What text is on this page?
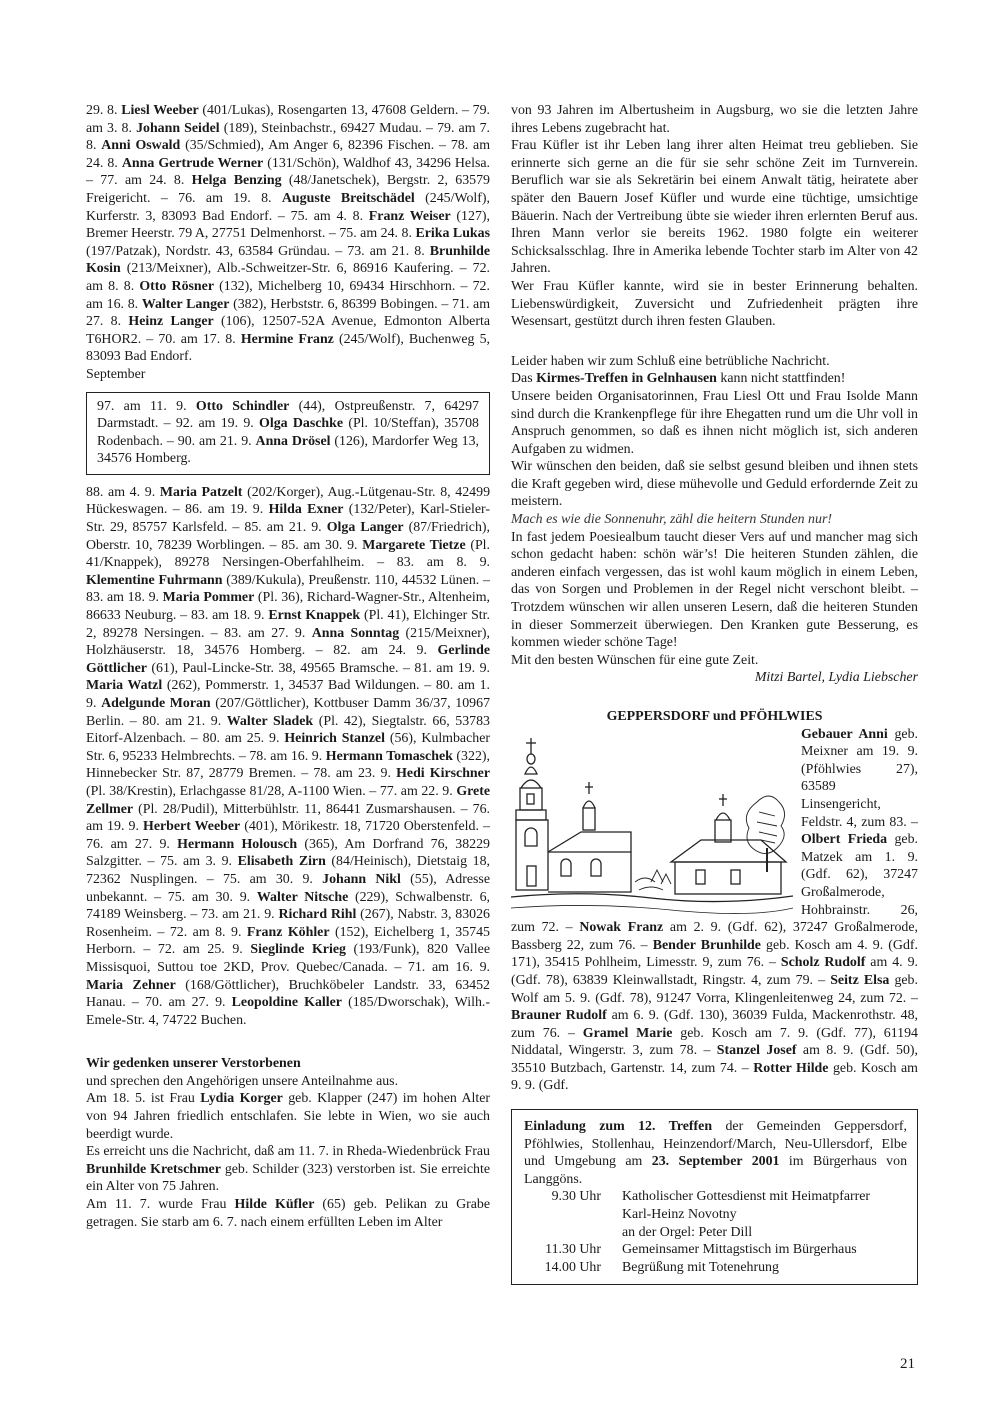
29. 8. Liesl Weeber (401/Lukas), Rosengarten 13, 47608 Geldern. – 79. am 3. 8. Johann Seidel (189), Steinbachstr., 69427 Mudau. – 79. am 7. 8. Anni Oswald (35/Schmied), Am Anger 6, 82396 Fischen. – 78. am 24. 8. Anna Gertrude Werner (131/Schön), Waldhof 43, 34296 Helsa. – 77. am 24. 8. Helga Benzing (48/Janetschek), Bergstr. 2, 63579 Freigericht. – 76. am 19. 8. Auguste Breitschädel (245/Wolf), Kurferstr. 3, 83093 Bad Endorf. – 75. am 4. 8. Franz Weiser (127), Bremer Heerstr. 79 A, 27751 Delmenhorst. – 75. am 24. 8. Erika Lukas (197/Patzak), Nordstr. 43, 63584 Gründau. – 73. am 21. 8. Brunhilde Kosin (213/Meixner), Alb.-Schweitzer-Str. 6, 86916 Kaufering. – 72. am 8. 8. Otto Rösner (132), Michelberg 10, 69434 Hirschhorn. – 72. am 16. 8. Walter Langer (382), Herbststr. 6, 86399 Bobingen. – 71. am 27. 8. Heinz Langer (106), 12507-52A Avenue, Edmonton Alberta T6HOR2. – 70. am 17. 8. Hermine Franz (245/Wolf), Buchenweg 5, 83093 Bad Endorf.

September

97. am 11. 9. Otto Schindler (44), Ostpreußenstr. 7, 64297 Darmstadt. – 92. am 19. 9. Olga Daschke (Pl. 10/Steffan), 35708 Rodenbach. – 90. am 21. 9. Anna Drösel (126), Mardorfer Weg 13, 34576 Homberg.

88. am 4. 9. Maria Patzelt (202/Korger), Aug.-Lütgenau-Str. 8, 42499 Hückeswagen. – 86. am 19. 9. Hilda Exner (132/Peter), Karl-Stieler-Str. 29, 85757 Karlsfeld. – 85. am 21. 9. Olga Langer (87/Friedrich), Oberstr. 10, 78239 Worblingen. – 85. am 30. 9. Margarete Tietze (Pl. 41/Knappek), 89278 Nersingen-Oberfahlheim. – 83. am 8. 9. Klementine Fuhrmann (389/Kukula), Preußenstr. 110, 44532 Lünen. – 83. am 18. 9. Maria Pommer (Pl. 36), Richard-Wagner-Str., Altenheim, 86633 Neuburg. – 83. am 18. 9. Ernst Knappek (Pl. 41), Elchinger Str. 2, 89278 Nersingen. – 83. am 27. 9. Anna Sonntag (215/Meixner), Holzhäuserstr. 18, 34576 Homberg. – 82. am 24. 9. Gerlinde Göttlicher (61), Paul-Lincke-Str. 38, 49565 Bramsche. – 81. am 19. 9. Maria Watzl (262), Pommerstr. 1, 34537 Bad Wildungen. – 80. am 1. 9. Adelgunde Moran (207/Göttlicher), Kottbuser Damm 36/37, 10967 Berlin. – 80. am 21. 9. Walter Sladek (Pl. 42), Siegtalstr. 66, 53783 Eitorf-Alzenbach. – 80. am 25. 9. Heinrich Stanzel (56), Kulmbacher Str. 6, 95233 Helmbrechts. – 78. am 16. 9. Hermann Tomaschek (322), Hinnebecker Str. 87, 28779 Bremen. – 78. am 23. 9. Hedi Kirschner (Pl. 38/Krestin), Erlachgasse 81/28, A-1100 Wien. – 77. am 22. 9. Grete Zellmer (Pl. 28/Pudil), Mitterbühlstr. 11, 86441 Zusmarshausen. – 76. am 19. 9. Herbert Weeber (401), Mörikestr. 18, 71720 Oberstenfeld. – 76. am 27. 9. Hermann Holousch (365), Am Dorfrand 76, 38229 Salzgitter. – 75. am 3. 9. Elisabeth Zirn (84/Heinisch), Dietstaig 18, 72362 Nusplingen. – 75. am 30. 9. Johann Nikl (55), Adresse unbekannt. – 75. am 30. 9. Walter Nitsche (229), Schwalbenstr. 6, 74189 Weinsberg. – 73. am 21. 9. Richard Rihl (267), Nabstr. 3, 83026 Rosenheim. – 72. am 8. 9. Franz Köhler (152), Eichelberg 1, 35745 Herborn. – 72. am 25. 9. Sieglinde Krieg (193/Funk), 820 Vallee Missisquoi, Suttou toe 2KD, Prov. Quebec/Canada. – 71. am 16. 9. Maria Zehner (168/Göttlicher), Bruchköbeler Landstr. 33, 63452 Hanau. – 70. am 27. 9. Leopoldine Kaller (185/Dworschak), Wilh.-Emele-Str. 4, 74722 Buchen.

Wir gedenken unserer Verstorbenen

und sprechen den Angehörigen unsere Anteilnahme aus.

Am 18. 5. ist Frau Lydia Korger geb. Klapper (247) im hohen Alter von 94 Jahren friedlich entschlafen. Sie lebte in Wien, wo sie auch beerdigt wurde.

Es erreicht uns die Nachricht, daß am 11. 7. in Rheda-Wiedenbrück Frau Brunhilde Kretschmer geb. Schilder (323) verstorben ist. Sie erreichte ein Alter von 75 Jahren.

Am 11. 7. wurde Frau Hilde Küfler (65) geb. Pelikan zu Grabe getragen. Sie starb am 6. 7. nach einem erfüllten Leben im Alter

von 93 Jahren im Albertusheim in Augsburg, wo sie die letzten Jahre ihres Lebens zugebracht hat.

Frau Küfler ist ihr Leben lang ihrer alten Heimat treu geblieben. Sie erinnerte sich gerne an die für sie sehr schöne Zeit im Turnverein. Beruflich war sie als Sekretärin bei einem Anwalt tätig, heiratete aber später den Bauern Josef Küfler und wurde eine tüchtige, umsichtige Bäuerin. Nach der Vertreibung übte sie wieder ihren erlernten Beruf aus. Ihren Mann verlor sie bereits 1962. 1980 folgte ein weiterer Schicksalsschlag. Ihre in Amerika lebende Tochter starb im Alter von 42 Jahren.

Wer Frau Küfler kannte, wird sie in bester Erinnerung behalten. Liebenswürdigkeit, Zuversicht und Zufriedenheit prägten ihre Wesensart, gestützt durch ihren festen Glauben.

Leider haben wir zum Schluß eine betrübliche Nachricht.

Das Kirmes-Treffen in Gelnhausen kann nicht stattfinden!

Unsere beiden Organisatorinnen, Frau Liesl Ott und Frau Isolde Mann sind durch die Krankenpflege für ihre Ehegatten rund um die Uhr voll in Anspruch genommen, so daß es ihnen nicht möglich ist, sich anderen Aufgaben zu widmen.

Wir wünschen den beiden, daß sie selbst gesund bleiben und ihnen stets die Kraft gegeben wird, diese mühevolle und Geduld erfordernde Zeit zu meistern.

Mach es wie die Sonnenuhr, zähl die heitern Stunden nur!

In fast jedem Poesiealbum taucht dieser Vers auf und mancher mag sich schon gedacht haben: schön wär’s! Die heiteren Stunden zählen, die anderen einfach vergessen, das ist wohl kaum möglich in einem Leben, das von Sorgen und Problemen in der Regel nicht verschont bleibt. – Trotzdem wünschen wir allen unseren Lesern, daß die heiteren Stunden in dieser Sommerzeit überwiegen. Den Kranken gute Besserung, es kommen wieder schöne Tage!

Mit den besten Wünschen für eine gute Zeit.

Mitzi Bartel, Lydia Liebscher

GEPPERSDORF und PFÖHLWIES

Gebauer Anni geb. Meixner am 19. 9. (Pföhlwies 27), 63589 Linsengericht, Feldstr. 4, zum 83. – Olbert Frieda geb. Matzek am 1. 9. (Gdf. 62), 37247 Großalmerode, Hohbrainstr. 26, zum 72. – Nowak Franz am 2. 9. (Gdf. 62), 37247 Großalmerode, Bassberg 22, zum 76. – Bender Brunhilde geb. Kosch am 4. 9. (Gdf. 171), 35415 Pohlheim, Limesstr. 9, zum 76. – Scholz Rudolf am 4. 9. (Gdf. 78), 63839 Kleinwallstadt, Ringstr. 4, zum 79. – Seitz Elsa geb. Wolf am 5. 9. (Gdf. 78), 91247 Vorra, Klingenleitenweg 24, zum 72. – Brauner Rudolf am 6. 9. (Gdf. 130), 36039 Fulda, Mackenrothstr. 48, zum 76. – Gramel Marie geb. Kosch am 7. 9. (Gdf. 77), 61194 Niddatal, Wingerstr. 3, zum 78. – Stanzel Josef am 8. 9. (Gdf. 50), 35510 Butzbach, Gartenstr. 14, zum 74. – Rotter Hilde geb. Kosch am 9. 9. (Gdf.

Einladung zum 12. Treffen der Gemeinden Geppersdorf, Pföhlwies, Stollenhau, Heinzendorf/March, Neu-Ullersdorf, Elbe und Umgebung am 23. September 2001 im Bürgerhaus von Langgöns.

9.30 Uhr	Katholischer Gottesdienst mit Heimatpfarrer
Karl-Heinz Novotny
an der Orgel: Peter Dill
11.30 Uhr	Gemeinsamer Mittagstisch im Bürgerhaus
14.00 Uhr	Begrüßung mit Totenehrung
21
